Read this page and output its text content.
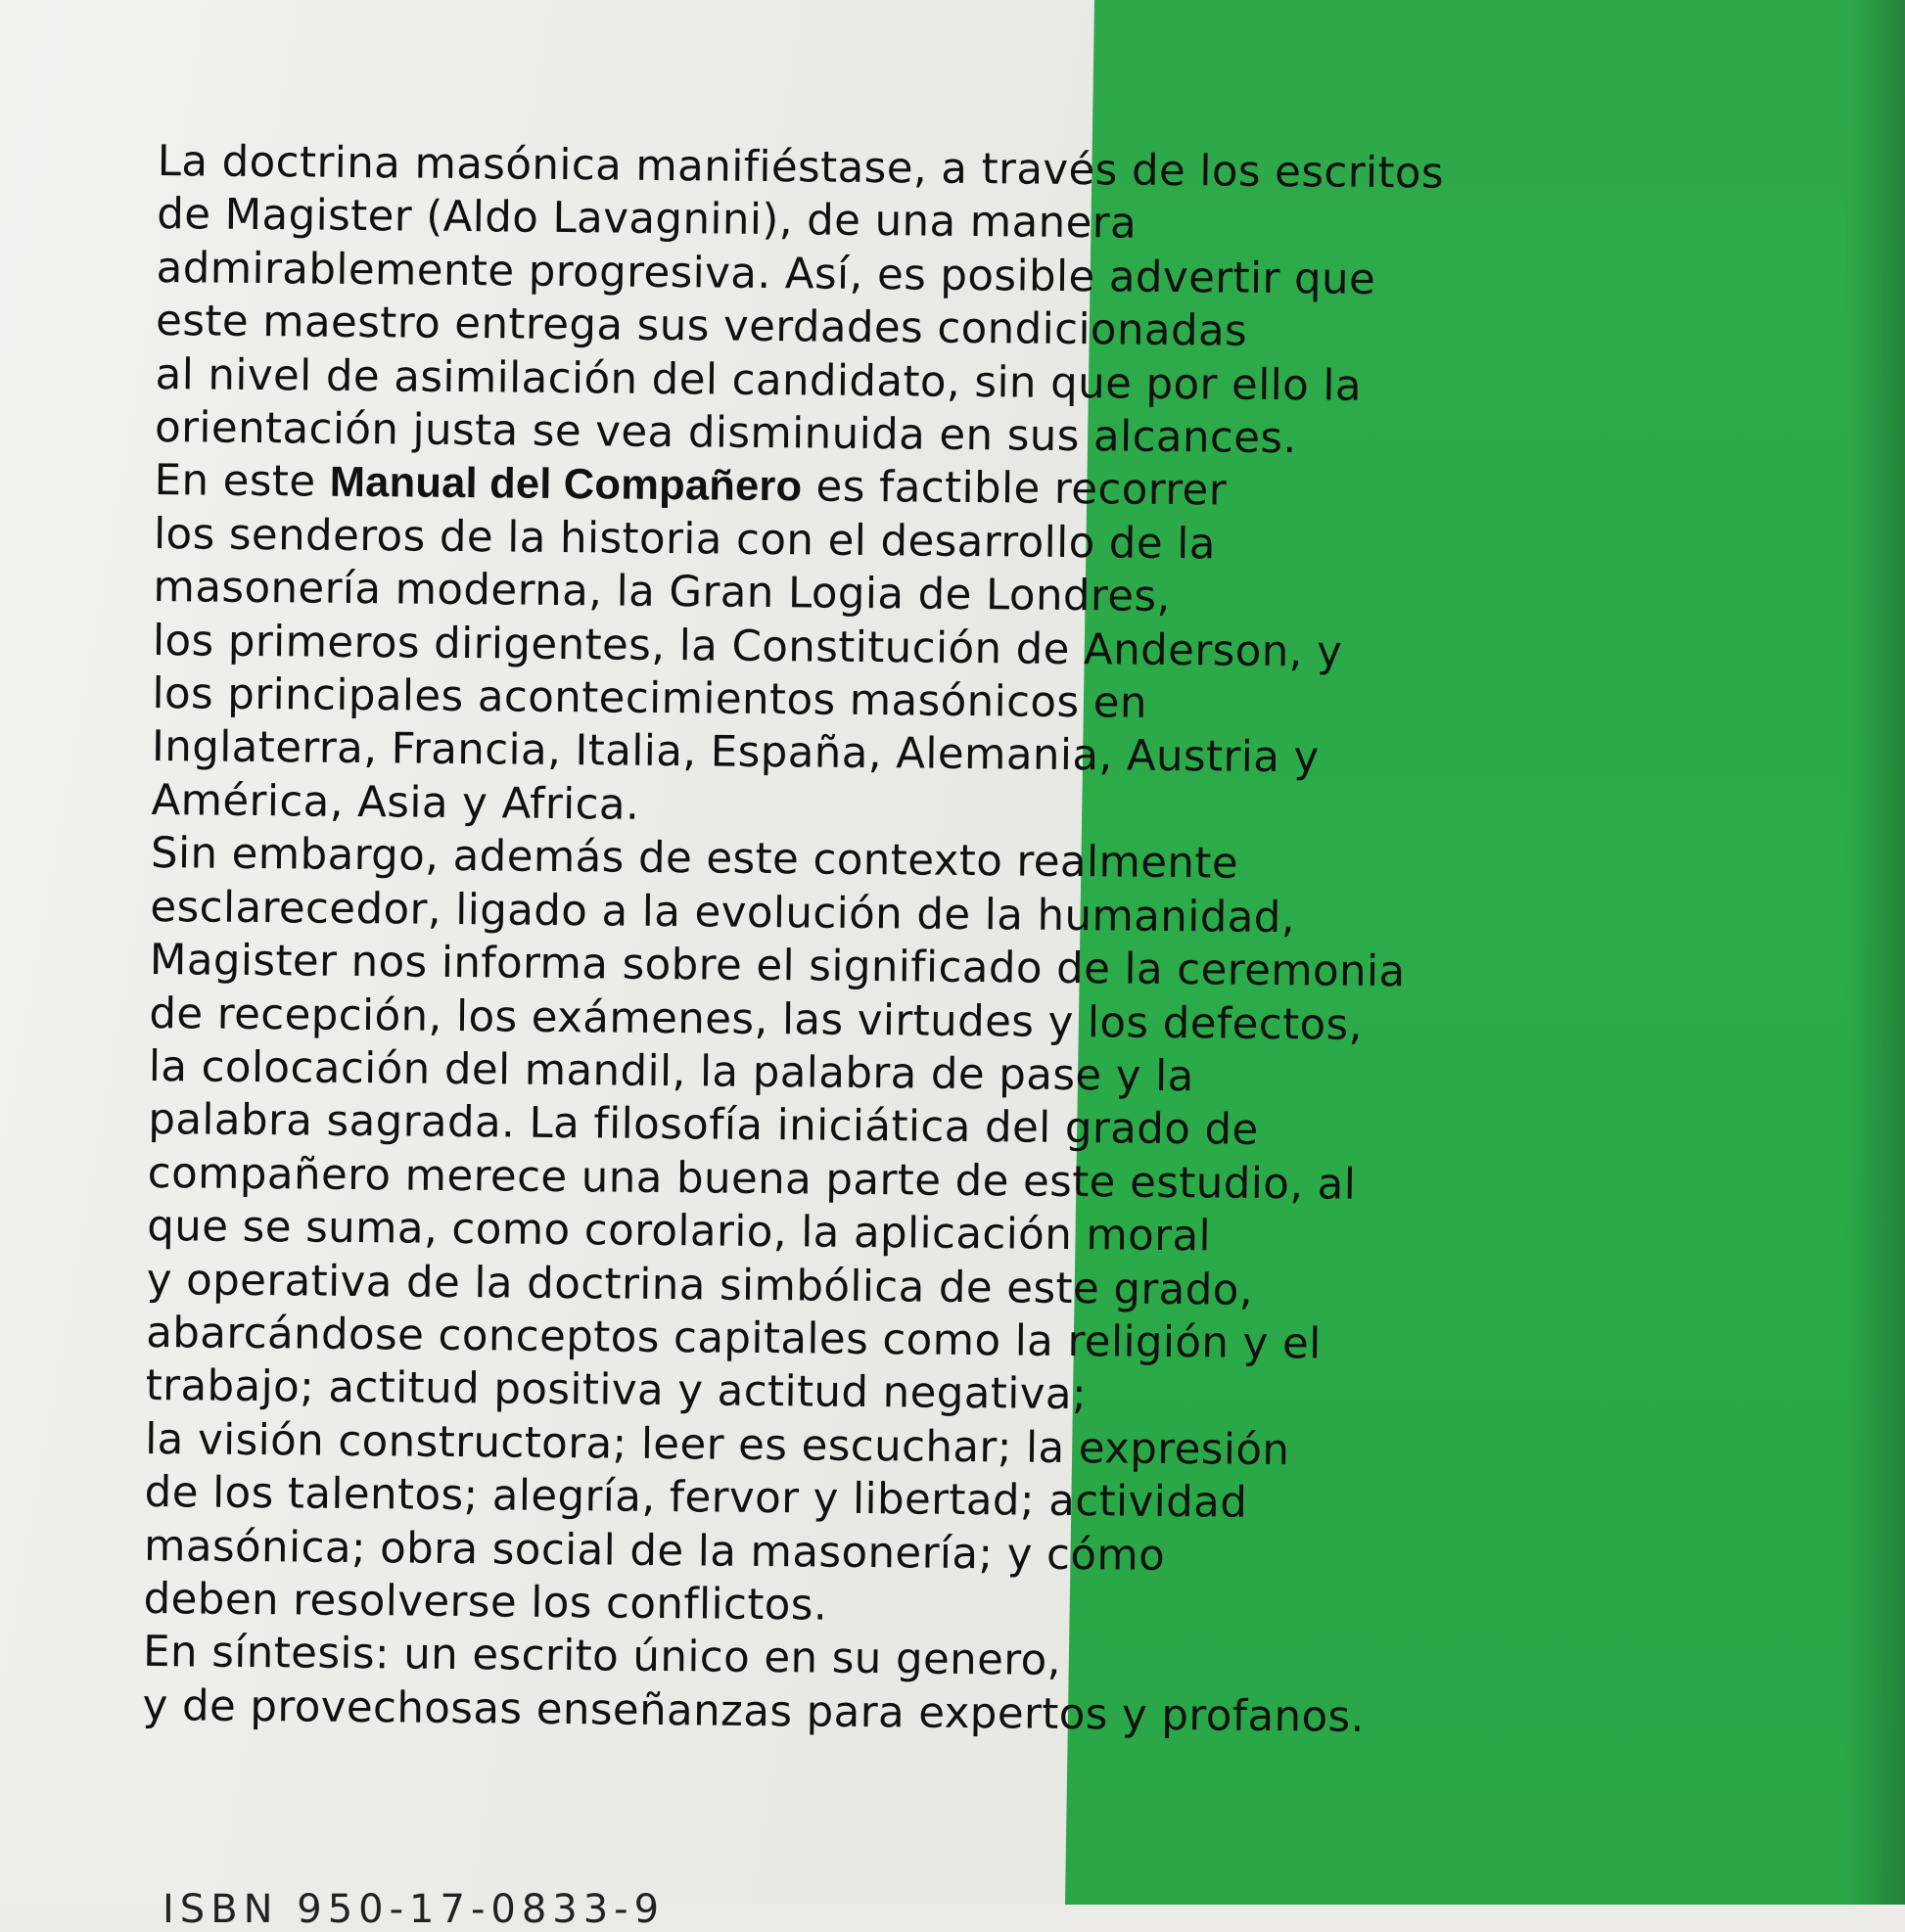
La doctrina masónica manifiéstase, a través de los escritos
de Magister (Aldo Lavagnini), de una manera
admirablemente progresiva. Así, es posible advertir que
este maestro entrega sus verdades condicionadas
al nivel de asimilación del candidato, sin que por ello la
orientación justa se vea disminuida en sus alcances.
En este Manual del Compañero es factible recorrer
los senderos de la historia con el desarrollo de la
masonería moderna, la Gran Logia de Londres,
los primeros dirigentes, la Constitución de Anderson, y
los principales acontecimientos masónicos en
Inglaterra, Francia, Italia, España, Alemania, Austria y
América, Asia y Africa.
Sin embargo, además de este contexto realmente
esclarecedor, ligado a la evolución de la humanidad,
Magister nos informa sobre el significado de la ceremonia
de recepción, los exámenes, las virtudes y los defectos,
la colocación del mandil, la palabra de pase y la
palabra sagrada. La filosofía iniciática del grado de
compañero merece una buena parte de este estudio, al
que se suma, como corolario, la aplicación moral
y operativa de la doctrina simbólica de este grado,
abarcándose conceptos capitales como la religión y el
trabajo; actitud positiva y actitud negativa;
la visión constructora; leer es escuchar; la expresión
de los talentos; alegría, fervor y libertad; actividad
masónica; obra social de la masonería; y cómo
deben resolverse los conflictos.
En síntesis: un escrito único en su genero,
y de provechosas enseñanzas para expertos y profanos.
ISBN 950-17-0833-9
